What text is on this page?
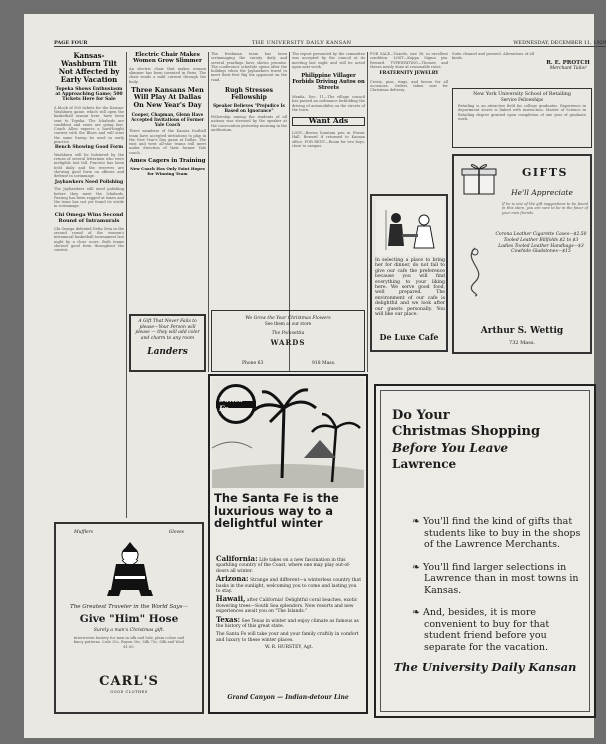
PAGE FOUR	THE UNIVERSITY DAILY KANSAN	WEDNESDAY, DECEMBER 11, 1929
Kansas-Washburn Tilt Not Affected by Early Vacation
Topeka Shows Enthusiasm at Approaching Game; 500 Tickets Here for Sale
A block of 500 tickets for the Kansas-Washburn game, which will open the basketball season here, have been sent to Topeka. The Ichabods are confident and seats are going fast. Coach Allen expects a hard-fought contest with the Blues and will start the same lineup he used in early practice.
Bench Showing Good Form
Washburn will be bolstered by the return of several lettermen who were ineligible last fall. Practice has been held daily and the reserves are showing good form on offense and defense in scrimmage.
Jayhawkers Need Polishing
The Jayhawkers still need polishing before they meet the Ichabods. Passing has been ragged at times and the team has not yet found its stride in scrimmage.
Chi Omega Wins Second Round of Intramurals
Chi Omega defeated Delta Zeta in the second round of the women's intramural basketball tournament last night by a close score. Both teams showed good form throughout the contest.
Electric Chair Makes Women Grow Slimmer
An electric chair that makes women slimmer has been invented in Paris. The chair sends a mild current through the body.
Three Kansans Men Will Play At Dallas On New Year's Day
Cooper, Chapman, Glenn Have Accepted Invitations of Former Yale Coach
Three members of the Kansas football team have accepted invitations to play in the New Year's Day game at Dallas. The east and west all-star teams will meet under direction of their former Yale coach.
Ames Cagers in Training
New Coach Has Only Faint Hopes for Winning Team
A Gift That Never Fails to please—Your Person will please — they will add color and charm to any room
Landers
The freshman team has been scrimmaging the varsity daily and several yearlings have shown promise. The conference schedule opens after the holidays when the Jayhawkers travel to meet their first Big Six opponent on the road.
Rugh Stresses Fellowship
Speaker Believes "Prejudice Is Based on Ignorance"
Fellowship among the students of all nations was stressed by the speaker at the convocation yesterday morning in the auditorium.
The report presented by the committee was accepted by the council at its meeting last night and will be acted upon next week.
Philippine Villager Forbids Driving Autos on Streets
Manila, Dec. 11—The village council has passed an ordinance forbidding the driving of automobiles on the streets of the town.
Want Ads
LOST—Brown fountain pen in Fraser Hall. Reward if returned to Kansan office. FOR RENT—Room for two boys, close to campus.
FOR SALE—Tuxedo, size 38, in excellent condition. LOST—Kappa Sigma pin. Reward. TYPEWRITING—Themes and theses neatly done at reasonable rates.
FRATERNITY JEWELRY
Crests, pins, rings, and favors for all occasions. Orders taken now for Christmas delivery.
Suits cleaned and pressed. Alterations of all kinds.
R. E. PROTCH
Merchant Tailor
New York University School of Retailing
Service Fellowships
Retailing is an attractive field for college graduates. Experience in department stores is linked with instruction. Master of Science in Retailing degree granted upon completion of one year of graduate work.
GIFTS
He'll Appreciate
If he is one of the gift suggestions to be found in this store, you are sure to be in the favor of your men friends.
Corona Leather Cigarette Cases—$2.50
Tooled Leather Billfolds $2 to $3
Ladies Tooled Leather Handbags—$3
Cowhide Gladstones—$15
Arthur S. Wettig
732 Mass.
In selecting a place to bring her for dinner, do not fail to give our cafe the preference because you will find everything to your liking here. We serve good food, well prepared. The environment of our cafe is delightful and we look after our guests personally. You will like our place.
De Luxe Cafe
We Grow the Year Christmas Flowers
See them at our store
The Poinsettia
WARDS
Phone 63	918 Mass.
Mufflers	Gloves
The Greatest Traveler in the World Says—
Give "Him" Hose
Surely a man's Christmas gift.
Interwoven hosiery for men in silk and lisle, plain colors and fancy patterns. Lisle 35c, Rayon 50c, Silk 75c, Silk and Wool $1.00.
CARL'S
GOOD CLOTHES
Santa Fe
The Santa Fe is the luxurious way to a delightful winter

California: Life takes on a new fascination in this sparkling country of the Coast, where one may play out-of-doors all winter.

Arizona: Strange and different—a winterless country that basks in the sunlight, welcoming you to come and lasting you to stay.

Hawaii, after California! Delightful coral beaches, exotic flowering trees—South Sea splendors. New resorts and new experiences await you on "The Islands."

Texas: See Texas in winter and enjoy climate as famous as the history of this great state.

The Santa Fe will take your and your family craftily in comfort and luxury to these winter places.

W. R. HURSTEY, Agt.

Grand Canyon — Indian-detour Line
Do Your
Christmas Shopping
Before You Leave
Lawrence
❧ You'll find the kind of gifts that students like to buy in the shops of the Lawrence Merchants.
❧ You'll find larger selections in Lawrence than in most towns in Kansas.
❧ And, besides, it is more convenient to buy for that student friend before you separate for the vacation.
The University Daily Kansan
